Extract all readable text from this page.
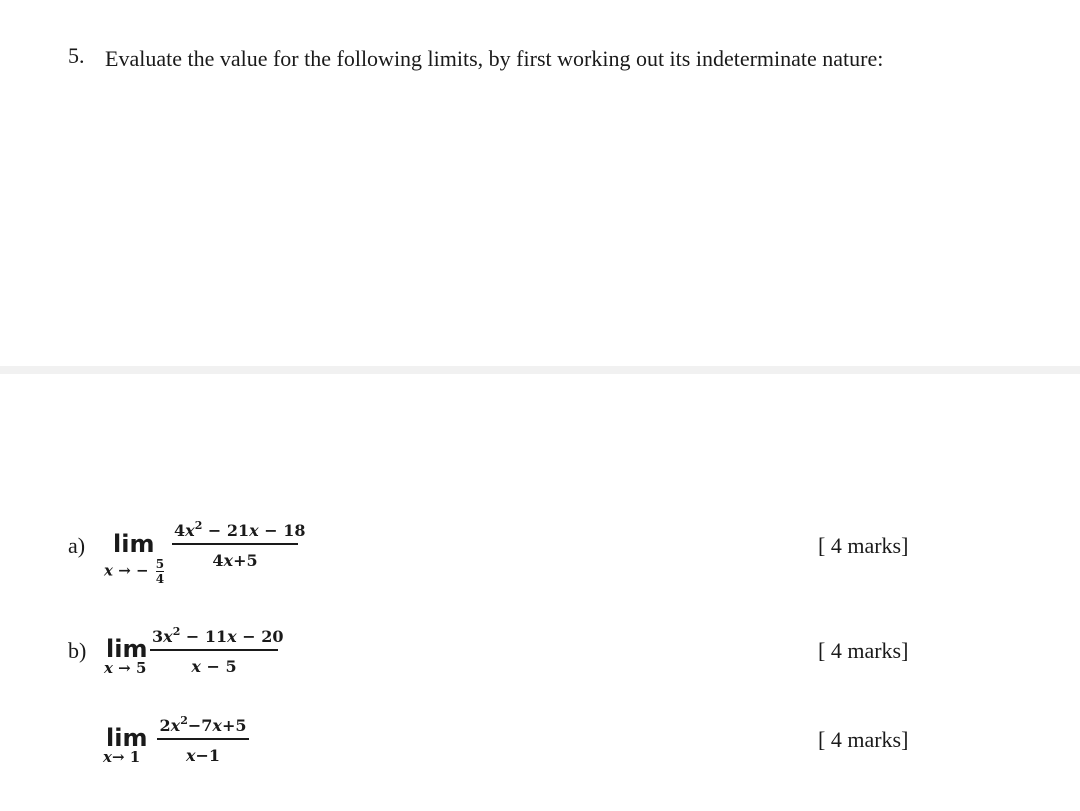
5. Evaluate the value for the following limits, by first working out its indeterminate nature:
a) lim
x → − $\frac{5}{4}$
$4x^2 - 21x - 18$
4x+5
[ 4 marks]
b) lim
x → 5
$3x^2 - 11x - 20$
x − 5
[ 4 marks]
lim
x→ 1
$2x^2-7x+5$
x−1
[ 4 marks]
